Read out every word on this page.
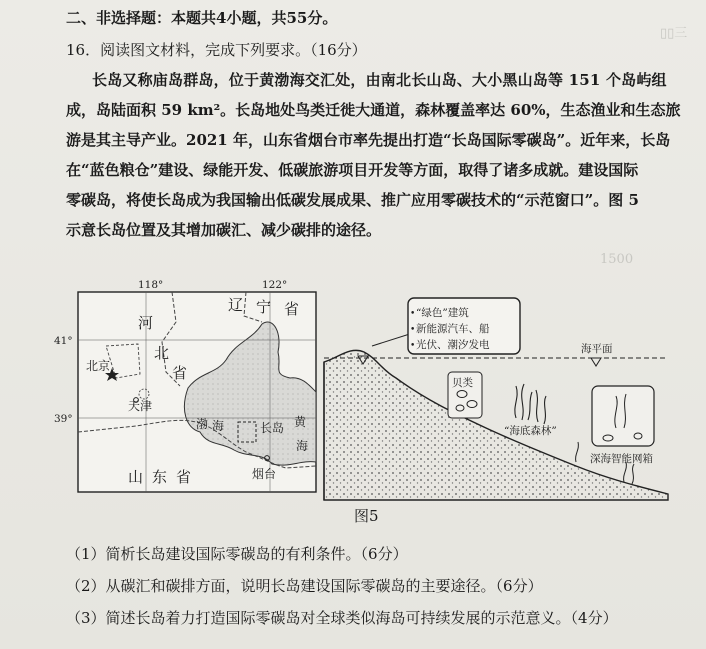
▯▯三
1500
二、非选择题：本题共4小题，共55分。
16．阅读图文材料，完成下列要求。（16分）
长岛又称庙岛群岛，位于黄渤海交汇处，由南北长山岛、大小黑山岛等 151 个岛屿组
成，岛陆面积 59 km²。长岛地处鸟类迁徙大通道，森林覆盖率达 60%，生态渔业和生态旅
游是其主导产业。2021 年，山东省烟台市率先提出打造“长岛国际零碳岛”。近年来，长岛
在“蓝色粮仓”建设、绿能开发、低碳旅游项目开发等方面，取得了诸多成就。建设国际
零碳岛，将使长岛成为我国输出低碳发展成果、推广应用零碳技术的“示范窗口”。图 5
示意长岛位置及其增加碳汇、减少碳排的途径。
118°	122°
41°
39°
河
北
省
辽 宁 省
山 东 省
北京
天津
烟台
渤 海	黄
海
长岛
“绿色”建筑
新能源汽车、船
光伏、潮汐发电
•
•
•	海平面
贝类
“海底森林”
深海智能网箱
图5
（1）简析长岛建设国际零碳岛的有利条件。（6分）
（2）从碳汇和碳排方面，说明长岛建设国际零碳岛的主要途径。（6分）
（3）简述长岛着力打造国际零碳岛对全球类似海岛可持续发展的示范意义。（4分）
